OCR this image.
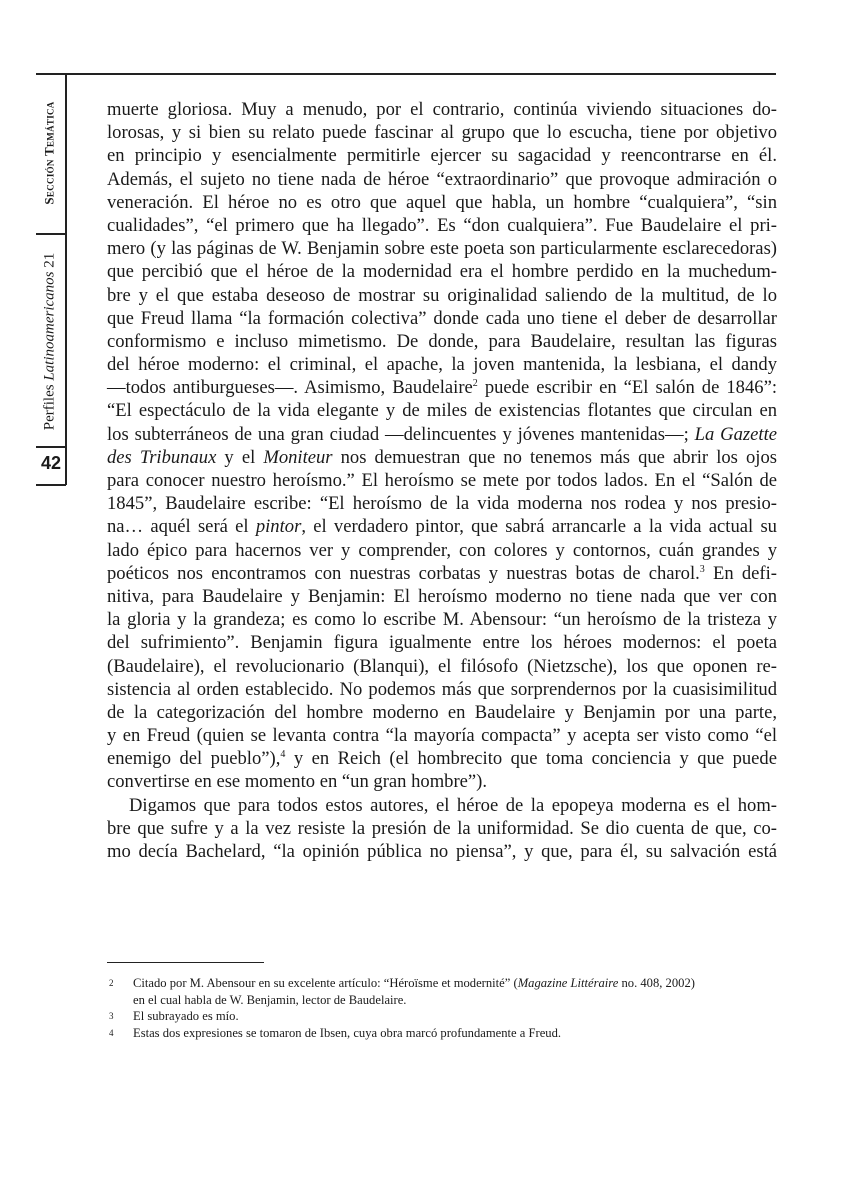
Sección Temática
Perfiles Latinoamericanos 21
42
muerte gloriosa. Muy a menudo, por el contrario, continúa viviendo situaciones do-
lorosas, y si bien su relato puede fascinar al grupo que lo escucha, tiene por objetivo
en principio y esencialmente permitirle ejercer su sagacidad y reencontrarse en él.
Además, el sujeto no tiene nada de héroe “extraordinario” que provoque admiración o
veneración. El héroe no es otro que aquel que habla, un hombre “cualquiera”, “sin
cualidades”, “el primero que ha llegado”. Es “don cualquiera”. Fue Baudelaire el pri-
mero (y las páginas de W. Benjamin sobre este poeta son particularmente esclarecedoras)
que percibió que el héroe de la modernidad era el hombre perdido en la muchedum-
bre y el que estaba deseoso de mostrar su originalidad saliendo de la multitud, de lo
que Freud llama “la formación colectiva” donde cada uno tiene el deber de desarrollar
conformismo e incluso mimetismo. De donde, para Baudelaire, resultan las figuras
del héroe moderno: el criminal, el apache, la joven mantenida, la lesbiana, el dandy
—todos antiburgueses—. Asimismo, Baudelaire$^2$ puede escribir en “El salón de 1846”:
“El espectáculo de la vida elegante y de miles de existencias flotantes que circulan en
los subterráneos de una gran ciudad —delincuentes y jóvenes mantenidas—; La Gazette
des Tribunaux y el Moniteur nos demuestran que no tenemos más que abrir los ojos
para conocer nuestro heroísmo.” El heroísmo se mete por todos lados. En el “Salón de
1845”, Baudelaire escribe: “El heroísmo de la vida moderna nos rodea y nos presio-
na… aquél será el pintor, el verdadero pintor, que sabrá arrancarle a la vida actual su
lado épico para hacernos ver y comprender, con colores y contornos, cuán grandes y
poéticos nos encontramos con nuestras corbatas y nuestras botas de charol.$^3$ En defi-
nitiva, para Baudelaire y Benjamin: El heroísmo moderno no tiene nada que ver con
la gloria y la grandeza; es como lo escribe M. Abensour: “un heroísmo de la tristeza y
del sufrimiento”. Benjamin figura igualmente entre los héroes modernos: el poeta
(Baudelaire), el revolucionario (Blanqui), el filósofo (Nietzsche), los que oponen re-
sistencia al orden establecido. No podemos más que sorprendernos por la cuasisimilitud
de la categorización del hombre moderno en Baudelaire y Benjamin por una parte,
y en Freud (quien se levanta contra “la mayoría compacta” y acepta ser visto como “el
enemigo del pueblo”),$^4$ y en Reich (el hombrecito que toma conciencia y que puede
convertirse en ese momento en “un gran hombre”).
Digamos que para todos estos autores, el héroe de la epopeya moderna es el hom-
bre que sufre y a la vez resiste la presión de la uniformidad. Se dio cuenta de que, co-
mo decía Bachelard, “la opinión pública no piensa”, y que, para él, su salvación está
2 Citado por M. Abensour en su excelente artículo: “Héroïsme et modernité” (Magazine Littéraire no. 408, 2002)
en el cual habla de W. Benjamin, lector de Baudelaire.
3 El subrayado es mío.
4 Estas dos expresiones se tomaron de Ibsen, cuya obra marcó profundamente a Freud.
